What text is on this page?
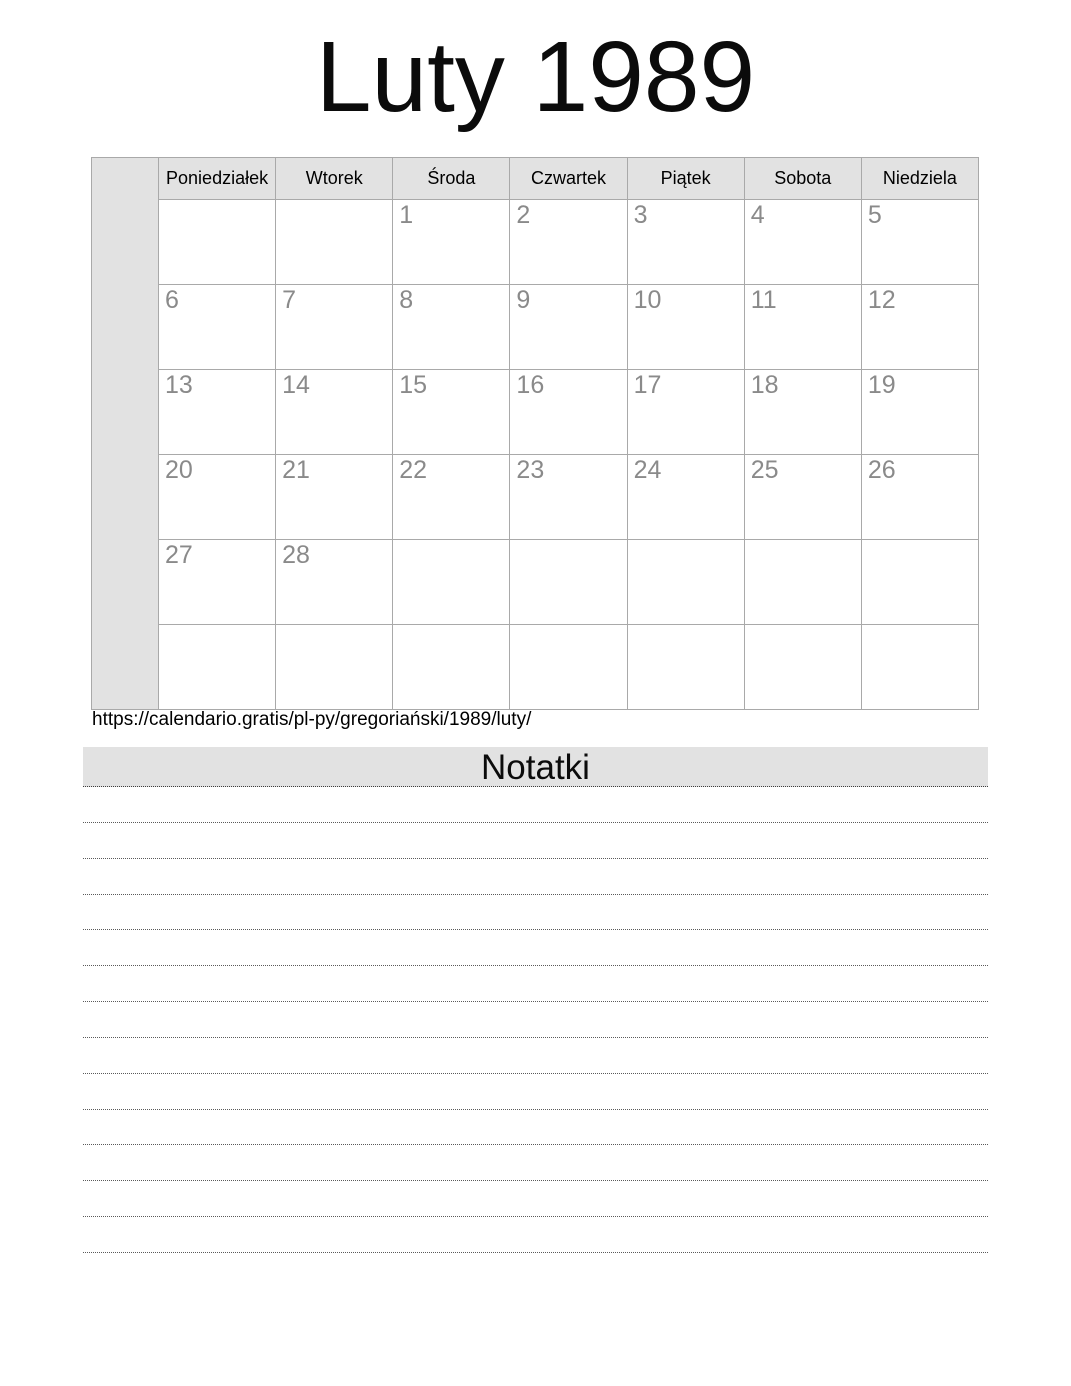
Luty 1989
	Poniedziałek	Wtorek	Środa	Czwartek	Piątek	Sobota	Niedziela
			1	2	3	4	5
	6	7	8	9	10	11	12
	13	14	15	16	17	18	19
	20	21	22	23	24	25	26
	27	28					

https://calendario.gratis/pl-py/gregoriański/1989/luty/
Notatki
